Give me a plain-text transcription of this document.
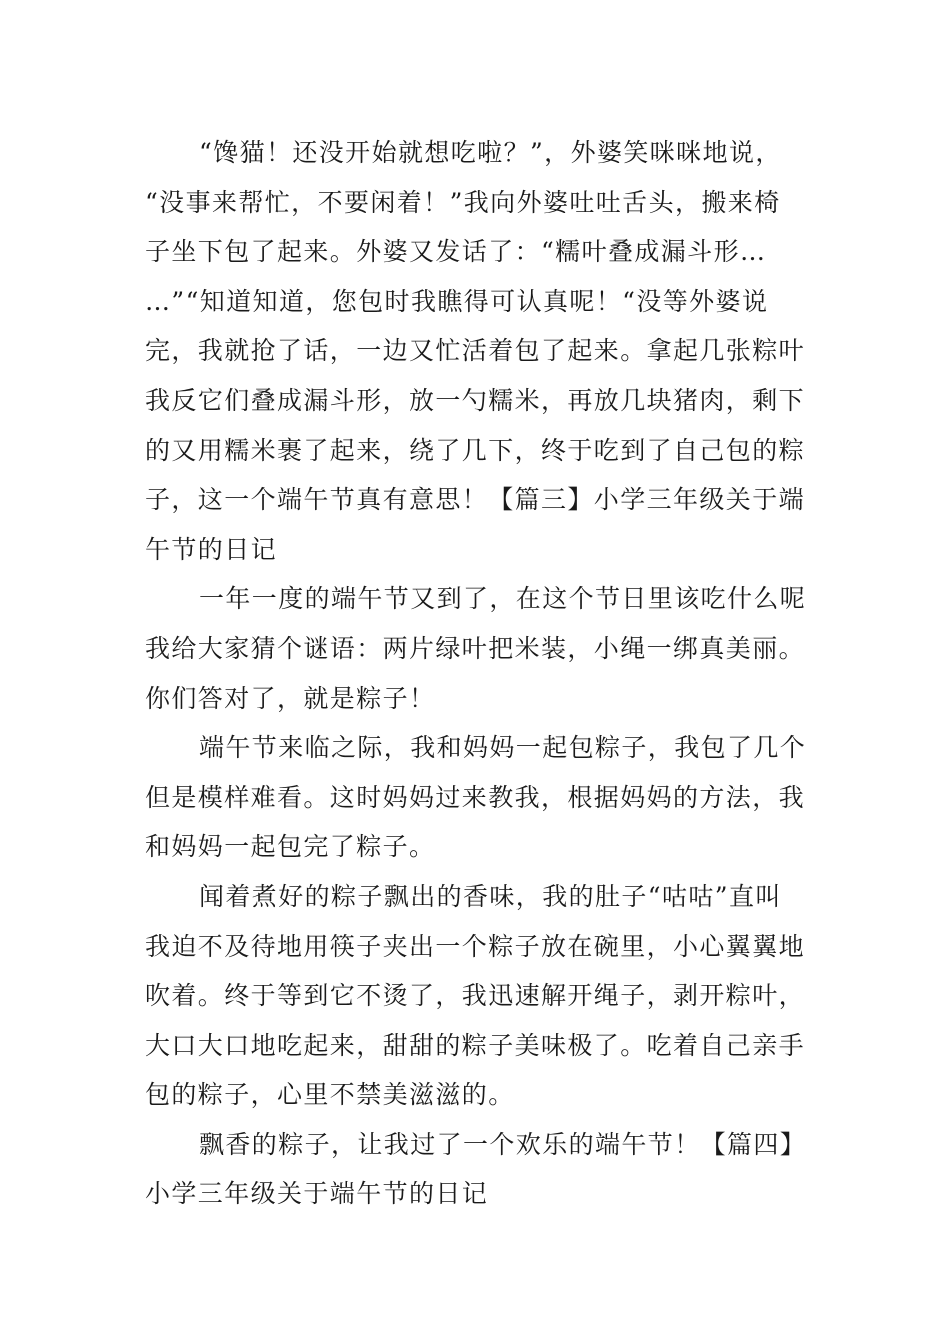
“馋猫！还没开始就想吃啦？”，外婆笑咪咪地说，
“没事来帮忙，不要闲着！”我向外婆吐吐舌头，搬来椅
子坐下包了起来。外婆又发话了：“糯叶叠成漏斗形…
…”“知道知道，您包时我瞧得可认真呢！“没等外婆说
完，我就抢了话，一边又忙活着包了起来。拿起几张粽叶
我反它们叠成漏斗形，放一勺糯米，再放几块猪肉，剩下
的又用糯米裹了起来，绕了几下，终于吃到了自己包的粽
子，这一个端午节真有意思！【篇三】小学三年级关于端
午节的日记
一年一度的端午节又到了，在这个节日里该吃什么呢
我给大家猜个谜语：两片绿叶把米装，小绳一绑真美丽。
你们答对了，就是粽子！
端午节来临之际，我和妈妈一起包粽子，我包了几个
但是模样难看。这时妈妈过来教我，根据妈妈的方法，我
和妈妈一起包完了粽子。
闻着煮好的粽子飘出的香味，我的肚子“咕咕”直叫
我迫不及待地用筷子夹出一个粽子放在碗里，小心翼翼地
吹着。终于等到它不烫了，我迅速解开绳子，剥开粽叶，
大口大口地吃起来，甜甜的粽子美味极了。吃着自己亲手
包的粽子，心里不禁美滋滋的。
飘香的粽子，让我过了一个欢乐的端午节！【篇四】
小学三年级关于端午节的日记
